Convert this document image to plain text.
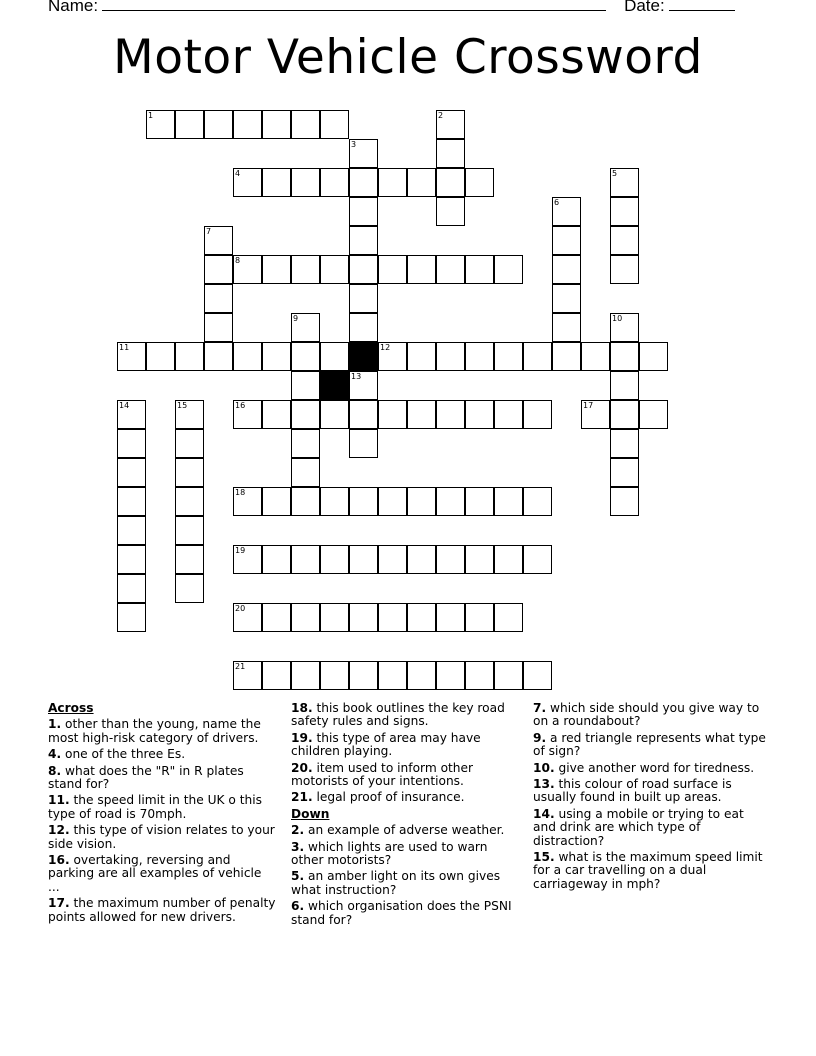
Name:	Date:
Motor Vehicle Crossword
1	2
3
4	5
6
7
8
9	10
11	12
13
14	15	16	17
18
19
20
21
Across
1. other than the young, name the most high-risk category of drivers.
4. one of the three Es.
8. what does the "R" in R plates stand for?
11. the speed limit in the UK o this type of road is 70mph.
12. this type of vision relates to your side vision.
16. overtaking, reversing and parking are all examples of vehicle ...
17. the maximum number of penalty points allowed for new drivers.
18. this book outlines the key road safety rules and signs.
19. this type of area may have children playing.
20. item used to inform other motorists of your intentions.
21. legal proof of insurance.
Down
2. an example of adverse weather.
3. which lights are used to warn other motorists?
5. an amber light on its own gives what instruction?
6. which organisation does the PSNI stand for?
7. which side should you give way to on a roundabout?
9. a red triangle represents what type of sign?
10. give another word for tiredness.
13. this colour of road surface is usually found in built up areas.
14. using a mobile or trying to eat and drink are which type of distraction?
15. what is the maximum speed limit for a car travelling on a dual carriageway in mph?
